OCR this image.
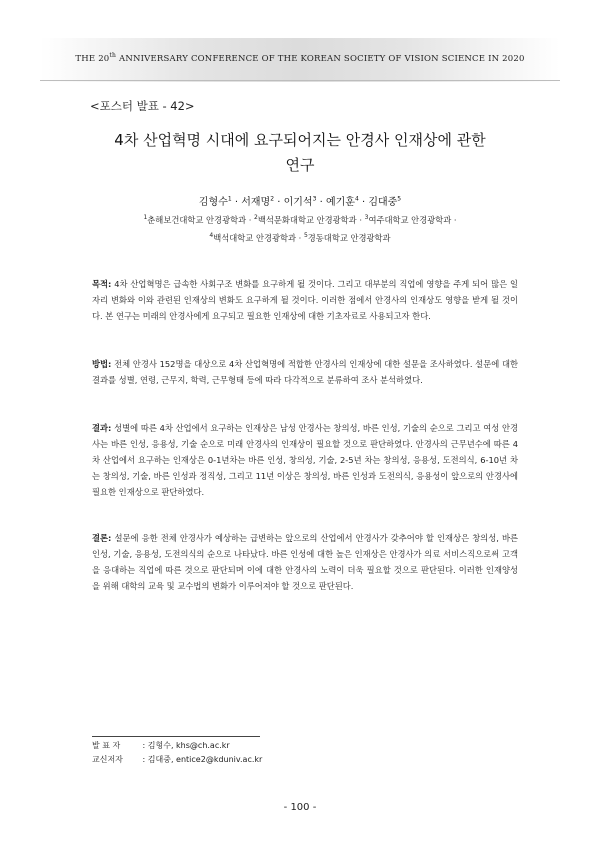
THE 20th ANNIVERSARY CONFERENCE OF THE KOREAN SOCIETY OF VISION SCIENCE IN 2020
<포스터 발표 - 42>
4차 산업혁명 시대에 요구되어지는 안경사 인재상에 관한
연구
김형수$^1$ · 서재명$^2$ · 이기석$^3$ · 예기훈$^4$ · 김대중$^5$
$^1$춘해보건대학교 안경광학과 · $^2$백석문화대학교 안경광학과 · $^3$여주대학교 안경광학과 ·
$^4$백석대학교 안경광학과 · $^5$경동대학교 안경광학과
목적: 4차 산업혁명은 급속한 사회구조 변화를 요구하게 될 것이다. 그리고 대부분의 직업에 영향을 주게 되어 많은 일자리 변화와 이와 관련된 인재상의 변화도 요구하게 될 것이다. 이러한 점에서 안경사의 인재상도 영향을 받게 될 것이다. 본 연구는 미래의 안경사에게 요구되고 필요한 인재상에 대한 기초자료로 사용되고자 한다.
방법: 전체 안경사 152명을 대상으로 4차 산업혁명에 적합한 안경사의 인재상에 대한 설문을 조사하였다. 설문에 대한 결과를 성별, 연령, 근무지, 학력, 근무형태 등에 따라 다각적으로 분류하여 조사 분석하였다.
결과: 성별에 따른 4차 산업에서 요구하는 인재상은 남성 안경사는 창의성, 바른 인성, 기술의 순으로 그리고 여성 안경사는 바른 인성, 응용성, 기술 순으로 미래 안경사의 인재상이 필요할 것으로 판단하였다. 안경사의 근무년수에 따른 4차 산업에서 요구하는 인재상은 0-1년차는 바른 인성, 창의성, 기술, 2-5년 차는 창의성, 응용성, 도전의식, 6-10년 차는 창의성, 기술, 바른 인성과 정직성, 그리고 11년 이상은 창의성, 바른 인성과 도전의식, 응용성이 앞으로의 안경사에 필요한 인재상으로 판단하였다.
결론: 설문에 응한 전체 안경사가 예상하는 급변하는 앞으로의 산업에서 안경사가 갖추어야 할 인재상은 창의성, 바른 인성, 기술, 응용성, 도전의식의 순으로 나타났다. 바른 인성에 대한 높은 인재상은 안경사가 의료 서비스직으로써 고객을 응대하는 직업에 따른 것으로 판단되며 이에 대한 안경사의 노력이 더욱 필요할 것으로 판단된다. 이러한 인재양성을 위해 대학의 교육 및 교수법의 변화가 이루어져야 할 것으로 판단된다.
발 표 자 : 김형수, khs@ch.ac.kr
교신저자 : 김대중, entice2@kduniv.ac.kr
- 100 -
